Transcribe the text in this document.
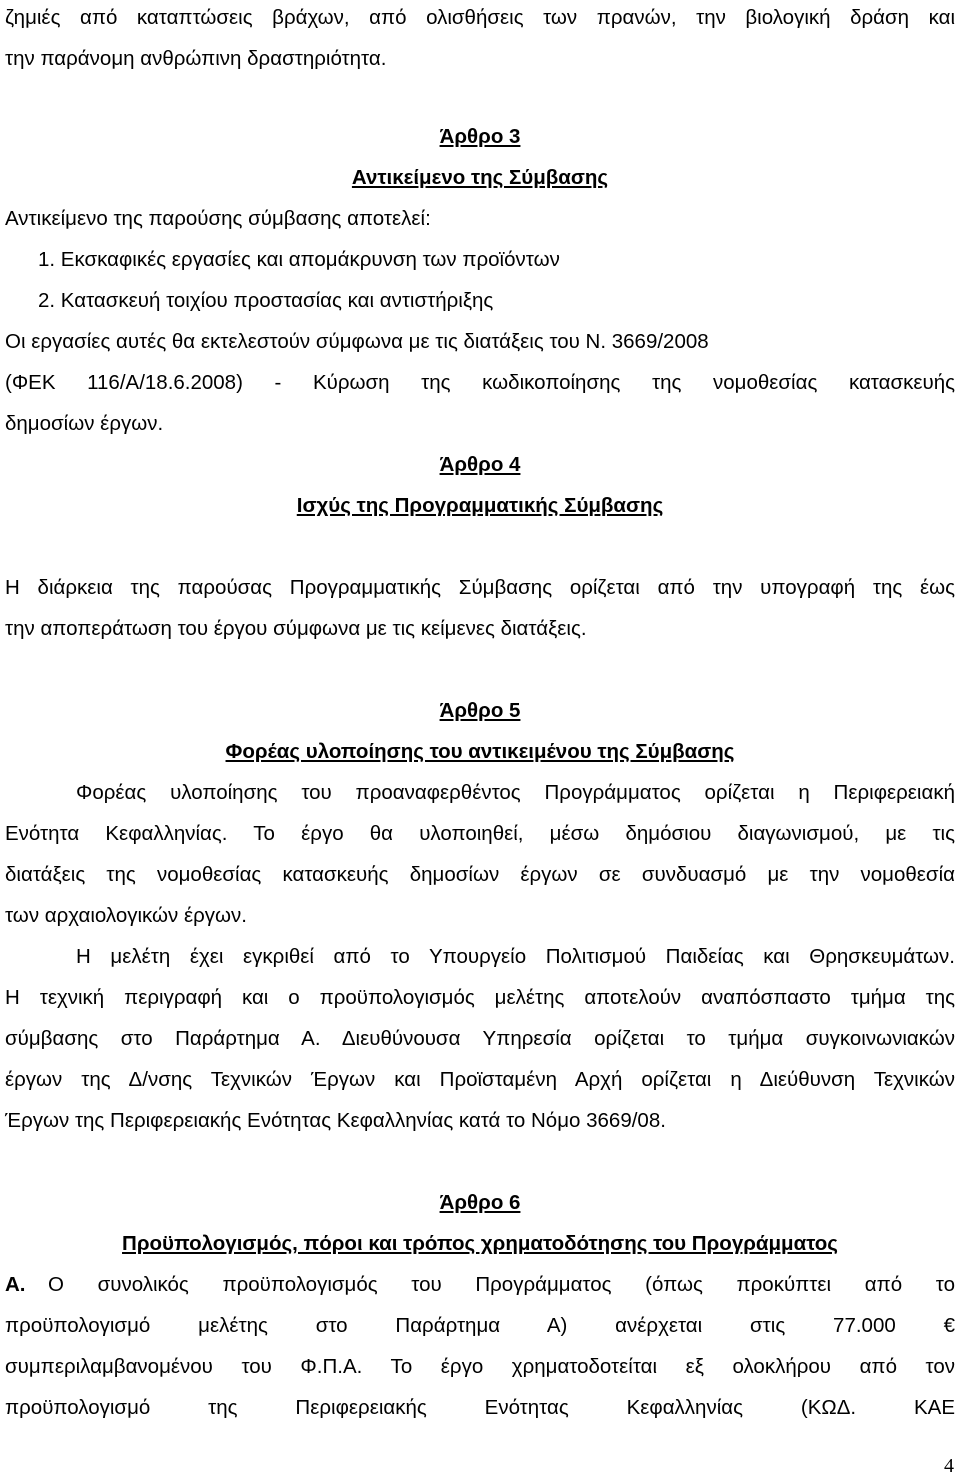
ζημιές από καταπτώσεις βράχων, από ολισθήσεις των πρανών, την βιολογική δράση και
την παράνομη ανθρώπινη δραστηριότητα.
Άρθρο 3
Αντικείμενο της Σύμβασης
Αντικείμενο της παρούσης σύμβασης αποτελεί:
1. Εκσκαφικές εργασίες και απομάκρυνση των προϊόντων
2. Κατασκευή τοιχίου προστασίας και αντιστήριξης
Οι εργασίες αυτές θα εκτελεστούν σύμφωνα με τις διατάξεις του Ν. 3669/2008
(ΦΕΚ 116/Α/18.6.2008) - Κύρωση της κωδικοποίησης της νομοθεσίας κατασκευής
δημοσίων έργων.
Άρθρο 4
Ισχύς της Προγραμματικής Σύμβασης
Η διάρκεια της παρούσας Προγραμματικής Σύμβασης ορίζεται από την υπογραφή της έως
την αποπεράτωση του έργου σύμφωνα με τις κείμενες διατάξεις.
Άρθρο 5
Φορέας υλοποίησης του αντικειμένου της Σύμβασης
Φορέας υλοποίησης του προαναφερθέντος Προγράμματος ορίζεται η Περιφερειακή
Ενότητα Κεφαλληνίας. Το έργο θα υλοποιηθεί, μέσω δημόσιου διαγωνισμού, με τις
διατάξεις της νομοθεσίας κατασκευής δημοσίων έργων σε συνδυασμό με την νομοθεσία
των αρχαιολογικών έργων.
Η μελέτη έχει εγκριθεί από το Υπουργείο Πολιτισμού Παιδείας και Θρησκευμάτων.
Η τεχνική περιγραφή και ο προϋπολογισμός μελέτης αποτελούν αναπόσπαστο τμήμα της
σύμβασης στο Παράρτημα Α. Διευθύνουσα Υπηρεσία ορίζεται το τμήμα συγκοινωνιακών
έργων της Δ/νσης Τεχνικών Έργων και Προϊσταμένη Αρχή ορίζεται η Διεύθυνση Τεχνικών
Έργων της Περιφερειακής Ενότητας Κεφαλληνίας κατά το Νόμο 3669/08.
Άρθρο 6
Προϋπολογισμός, πόροι και τρόπος χρηματοδότησης του Προγράμματος
Α. Ο συνολικός προϋπολογισμός του Προγράμματος (όπως προκύπτει από το
προϋπολογισμό μελέτης στο Παράρτημα Α) ανέρχεται στις 77.000 €
συμπεριλαμβανομένου του Φ.Π.Α. Το έργο χρηματοδοτείται εξ ολοκλήρου από τον
προϋπολογισμό της Περιφερειακής Ενότητας Κεφαλληνίας (ΚΩΔ. ΚΑΕ
4
